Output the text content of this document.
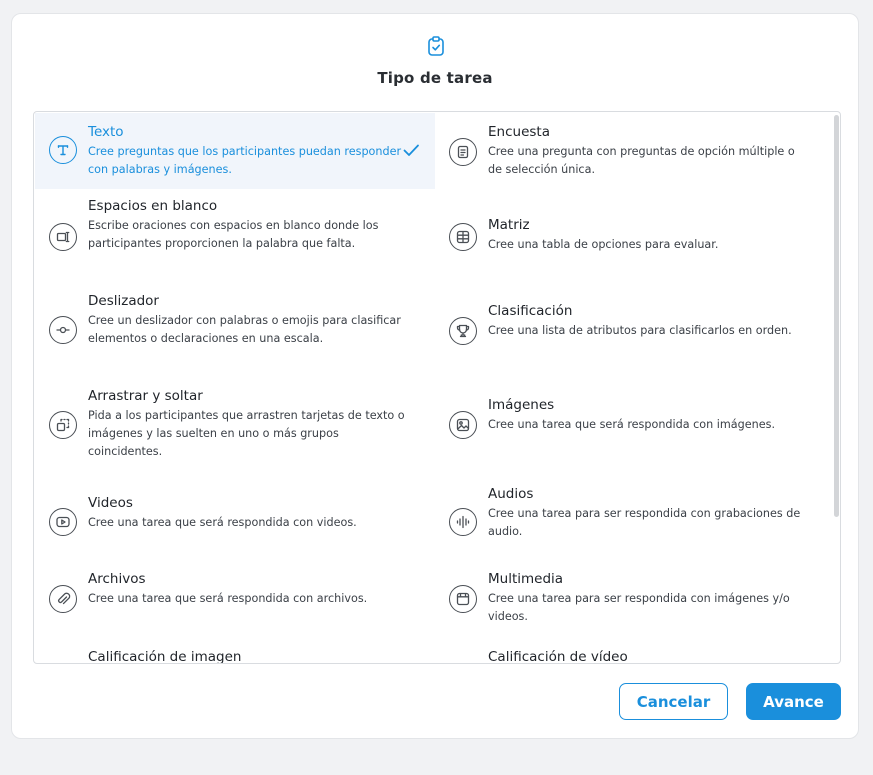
Tipo de tarea
Texto
Cree preguntas que los participantes puedan responder con palabras y imágenes.
Encuesta
Cree una pregunta con preguntas de opción múltiple o de selección única.
Espacios en blanco
Escribe oraciones con espacios en blanco donde los participantes proporcionen la palabra que falta.
Matriz
Cree una tabla de opciones para evaluar.
Deslizador
Cree un deslizador con palabras o emojis para clasificar elementos o declaraciones en una escala.
Clasificación
Cree una lista de atributos para clasificarlos en orden.
Arrastrar y soltar
Pida a los participantes que arrastren tarjetas de texto o imágenes y las suelten en uno o más grupos coincidentes.
Imágenes
Cree una tarea que será respondida con imágenes.
Videos
Cree una tarea que será respondida con videos.
Audios
Cree una tarea para ser respondida con grabaciones de audio.
Archivos
Cree una tarea que será respondida con archivos.
Multimedia
Cree una tarea para ser respondida con imágenes y/o videos.
Calificación de imagen	Calificación de vídeo
Cancelar	Avance
